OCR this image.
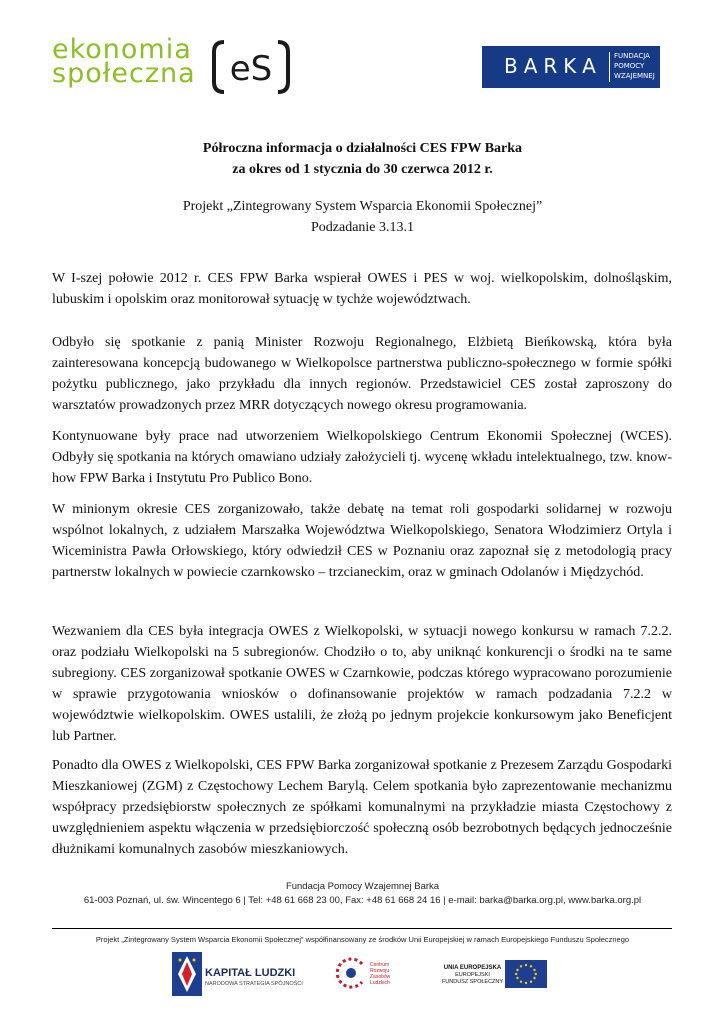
ekonomia
społeczna eS	BARKA FUNDACJA
POMOCY
WZAJEMNEJ
Półroczna informacja o działalności CES FPW Barka
za okres od 1 stycznia do 30 czerwca 2012 r.
Projekt „Zintegrowany System Wsparcia Ekonomii Społecznej”
Podzadanie 3.13.1
W I-szej połowie 2012 r. CES FPW Barka wspierał OWES i PES w woj. wielkopolskim, dolnośląskim, lubuskim i opolskim oraz monitorował sytuację w tychże województwach.
Odbyło się spotkanie z panią Minister Rozwoju Regionalnego, Elżbietą Bieńkowską, która była zainteresowana koncepcją budowanego w Wielkopolsce partnerstwa publiczno-społecznego w formie spółki pożytku publicznego, jako przykładu dla innych regionów. Przedstawiciel CES został zaproszony do warsztatów prowadzonych przez MRR dotyczących nowego okresu programowania.
Kontynuowane były prace nad utworzeniem Wielkopolskiego Centrum Ekonomii Społecznej (WCES). Odbyły się spotkania na których omawiano udziały założycieli tj. wycenę wkładu intelektualnego, tzw. know-how FPW Barka i Instytutu Pro Publico Bono.
W minionym okresie CES zorganizowało, także debatę na temat roli gospodarki solidarnej w rozwoju wspólnot lokalnych, z udziałem Marszałka Województwa Wielkopolskiego, Senatora Włodzimierz Ortyla i Wiceministra Pawła Orłowskiego, który odwiedził CES w Poznaniu oraz zapoznał się z metodologią pracy partnerstw lokalnych w powiecie czarnkowsko – trzcianeckim, oraz w gminach Odolanów i Międzychód.
Wezwaniem dla CES była integracja OWES z Wielkopolski, w sytuacji nowego konkursu w ramach 7.2.2. oraz podziału Wielkopolski na 5 subregionów. Chodziło o to, aby uniknąć konkurencji o środki na te same subregiony. CES zorganizował spotkanie OWES w Czarnkowie, podczas którego wypracowano porozumienie w sprawie przygotowania wniosków o dofinansowanie projektów w ramach podzadania 7.2.2 w województwie wielkopolskim. OWES ustalili, że złożą po jednym projekcie konkursowym jako Beneficjent lub Partner.
Ponadto dla OWES z Wielkopolski, CES FPW Barka zorganizował spotkanie z Prezesem Zarządu Gospodarki Mieszkaniowej (ZGM) z Częstochowy Lechem Barylą. Celem spotkania było zaprezentowanie mechanizmu współpracy przedsiębiorstw społecznych ze spółkami komunalnymi na przykładzie miasta Częstochowy z uwzględnieniem aspektu włączenia w przedsiębiorczość społeczną osób bezrobotnych będących jednocześnie dłużnikami komunalnych zasobów mieszkaniowych.
Fundacja Pomocy Wzajemnej Barka
61-003 Poznań, ul. św. Wincentego 6 | Tel: +48 61 668 23 00, Fax: +48 61 668 24 16 | e-mail: barka@barka.org.pl, www.barka.org.pl
Projekt „Zintegrowany System Wsparcia Ekonomii Społecznej” współfinansowany ze środków Unii Europejskiej w ramach Europejskiego Funduszu Społecznego
KAPITAŁ LUDZKI
NARODOWA STRATEGIA SPÓJNOŚCI
Centrum
Rozwoju
Zasobów
Ludzkich
UNIA EUROPEJSKA
EUROPEJSKI
FUNDUSZ SPOŁECZNY
